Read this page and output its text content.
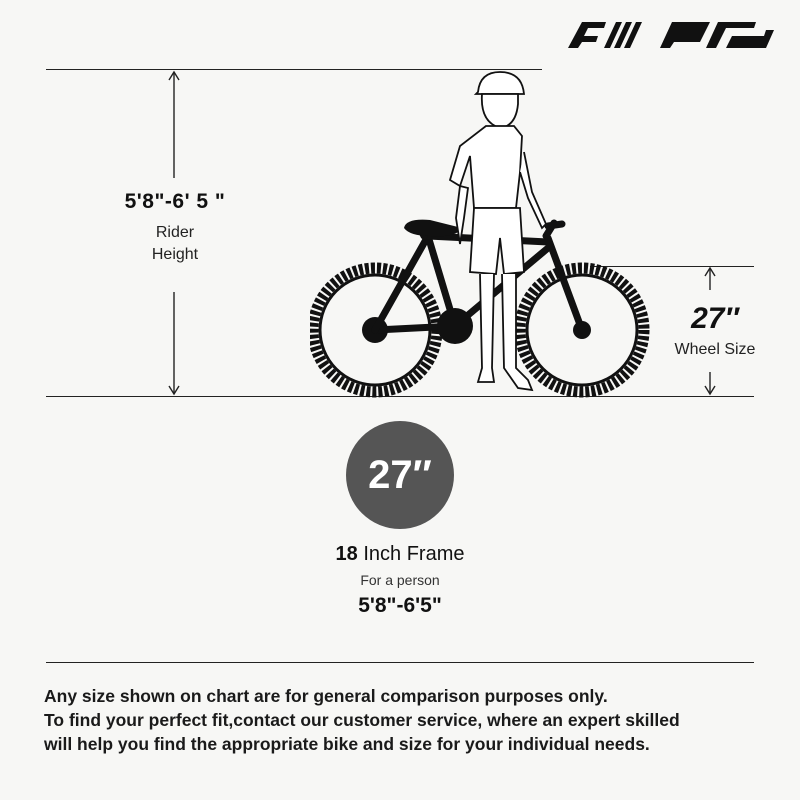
AVASTA
5'8"-6' 5 "
Rider
Height
27″
Wheel Size
27″
18 Inch Frame
For a person
5'8"-6'5"
Any size shown on chart are for general comparison purposes only.
To find your perfect fit,contact our customer service, where an expert skilled
will help you find the appropriate bike and size for your individual needs.
